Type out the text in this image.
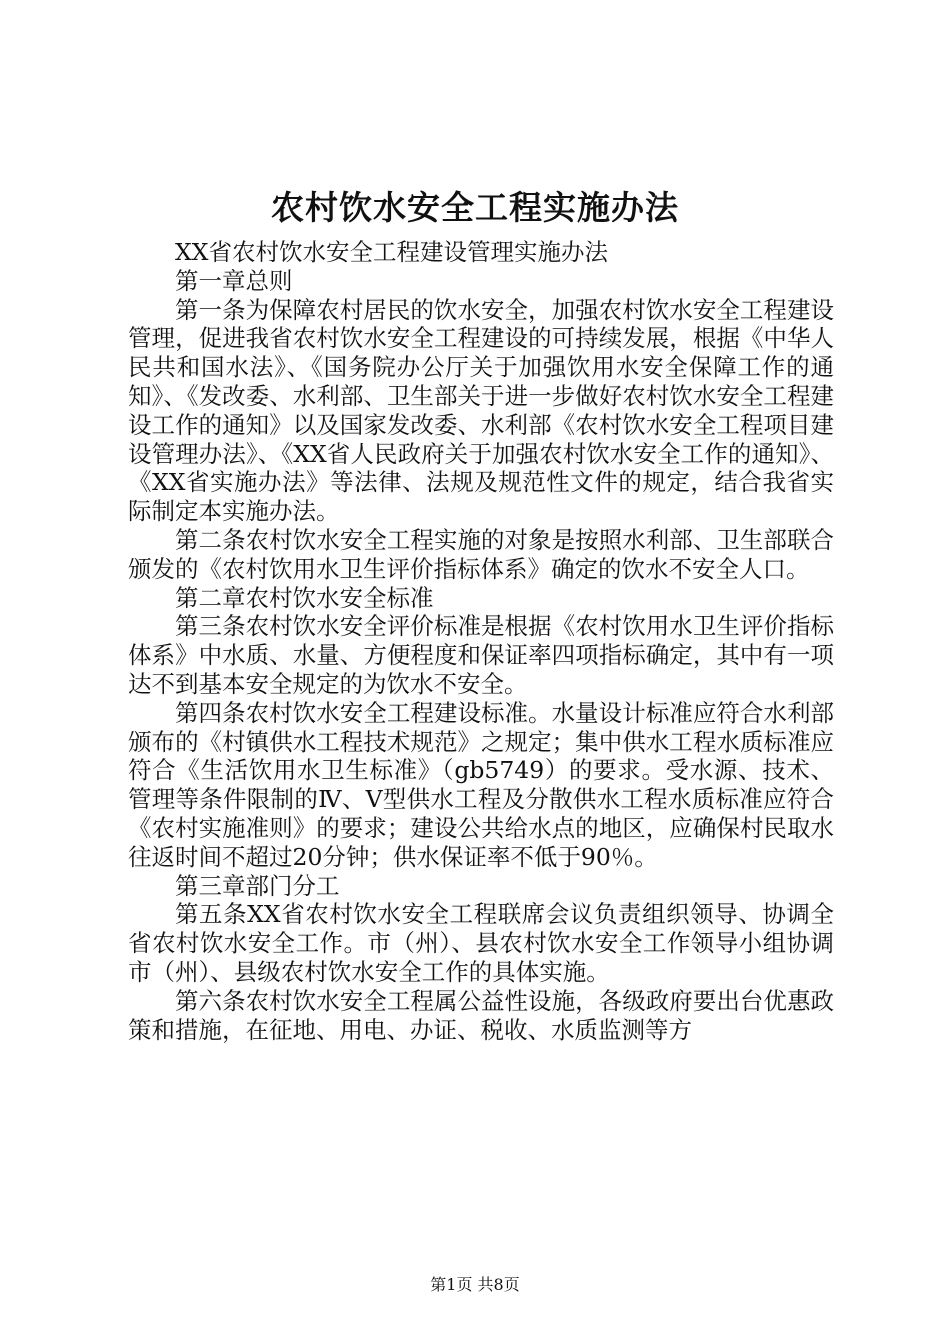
农村饮水安全工程实施办法

XX省农村饮水安全工程建设管理实施办法

第一章总则

第一条为保障农村居民的饮水安全，加强农村饮水安全工程建设管理，促进我省农村饮水安全工程建设的可持续发展，根据《中华人民共和国水法》、《国务院办公厅关于加强饮用水安全保障工作的通知》、《发改委、水利部、卫生部关于进一步做好农村饮水安全工程建设工作的通知》以及国家发改委、水利部《农村饮水安全工程项目建设管理办法》、《XX省人民政府关于加强农村饮水安全工作的通知》、《XX省实施办法》等法律、法规及规范性文件的规定，结合我省实际制定本实施办法。

第二条农村饮水安全工程实施的对象是按照水利部、卫生部联合颁发的《农村饮用水卫生评价指标体系》确定的饮水不安全人口。

第二章农村饮水安全标准

第三条农村饮水安全评价标准是根据《农村饮用水卫生评价指标体系》中水质、水量、方便程度和保证率四项指标确定，其中有一项达不到基本安全规定的为饮水不安全。

第四条农村饮水安全工程建设标准。水量设计标准应符合水利部颁布的《村镇供水工程技术规范》之规定；集中供水工程水质标准应符合《生活饮用水卫生标准》（gb5749）的要求。受水源、技术、管理等条件限制的Ⅳ、Ⅴ型供水工程及分散供水工程水质标准应符合《农村实施准则》的要求；建设公共给水点的地区，应确保村民取水往返时间不超过20分钟；供水保证率不低于90％。

第三章部门分工

第五条XX省农村饮水安全工程联席会议负责组织领导、协调全省农村饮水安全工作。市（州）、县农村饮水安全工作领导小组协调市（州）、县级农村饮水安全工作的具体实施。

第六条农村饮水安全工程属公益性设施，各级政府要出台优惠政策和措施，在征地、用电、办证、税收、水质监测等方

第1页 共8页
